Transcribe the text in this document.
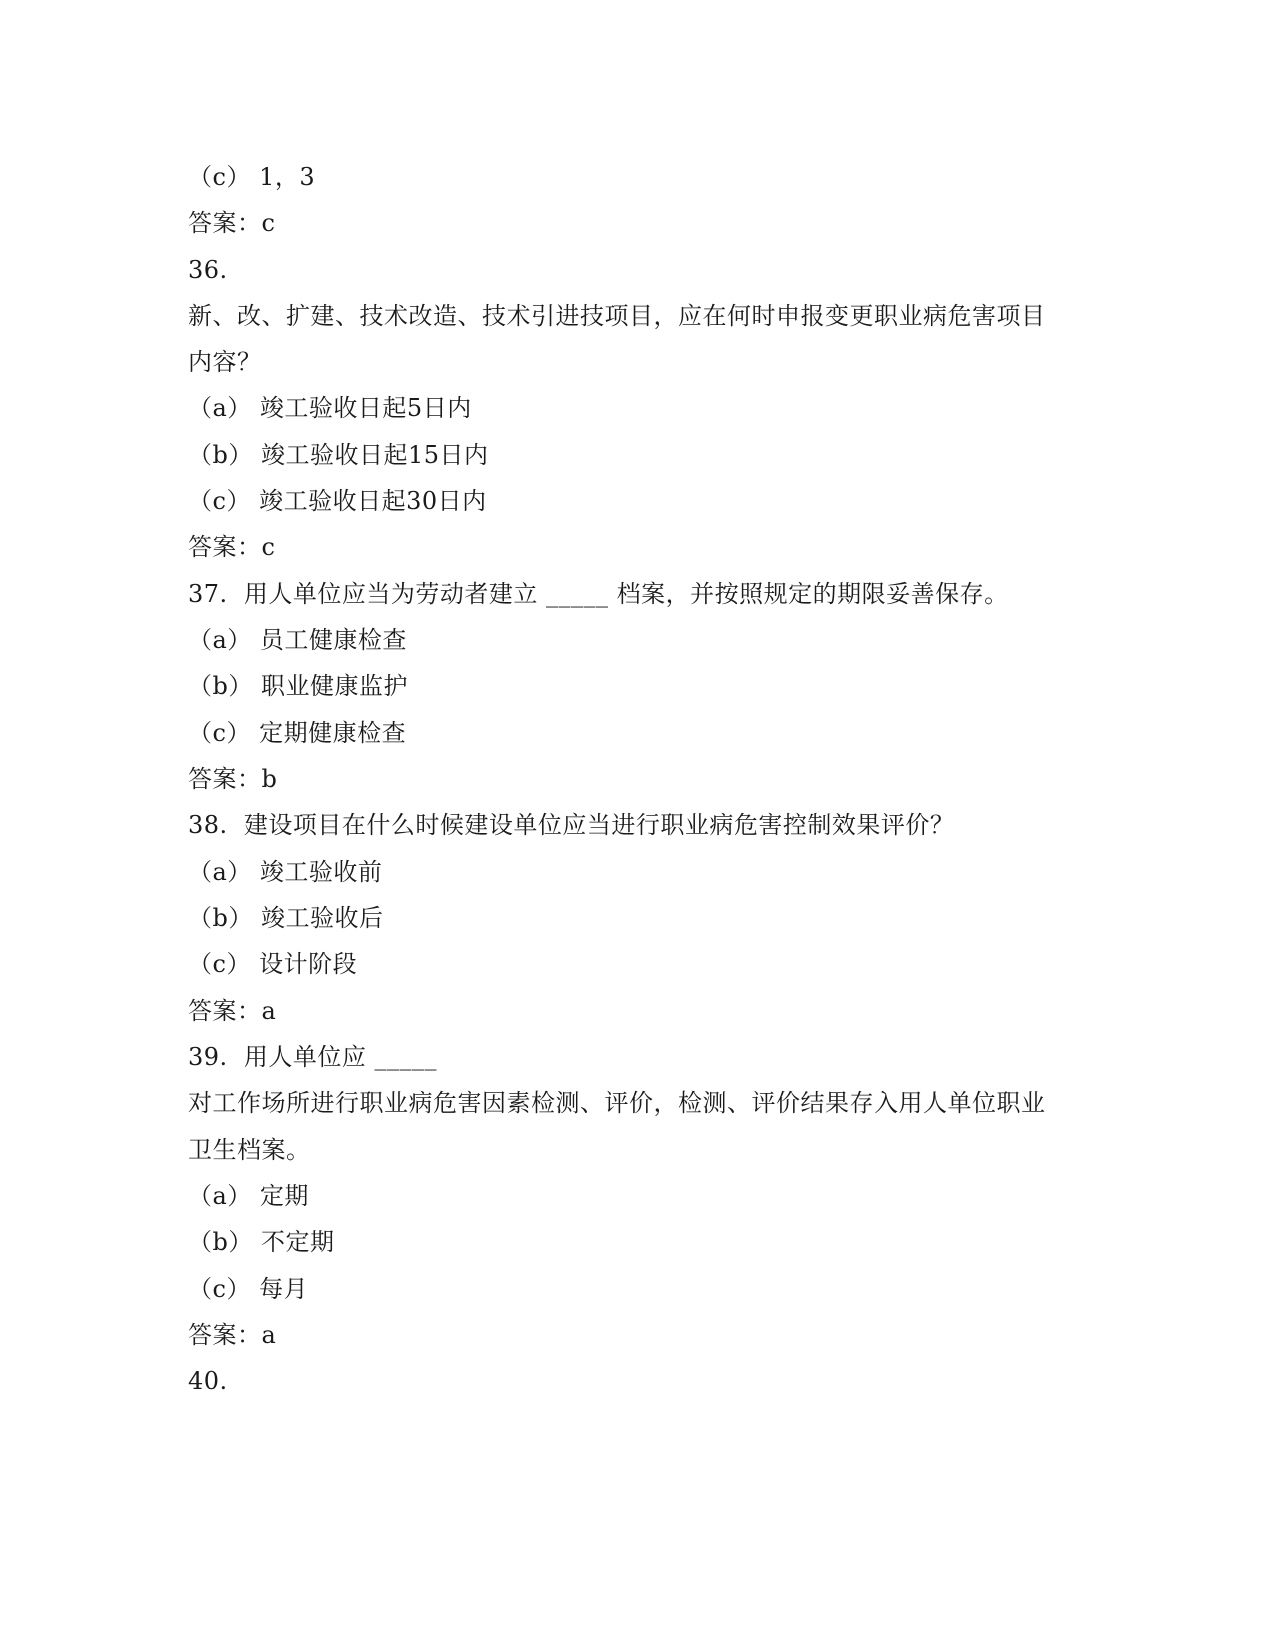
（c） 1，3
答案：c
36.
新、改、扩建、技术改造、技术引进技项目，应在何时申报变更职业病危害项目
内容？
（a） 竣工验收日起5日内
（b） 竣工验收日起15日内
（c） 竣工验收日起30日内
答案：c
37.  用人单位应当为劳动者建立 _____ 档案，并按照规定的期限妥善保存。
（a） 员工健康检查
（b） 职业健康监护
（c） 定期健康检查
答案：b
38.  建设项目在什么时候建设单位应当进行职业病危害控制效果评价？
（a） 竣工验收前
（b） 竣工验收后
（c） 设计阶段
答案：a
39.  用人单位应 _____
对工作场所进行职业病危害因素检测、评价，检测、评价结果存入用人单位职业
卫生档案。
（a） 定期
（b） 不定期
（c） 每月
答案：a
40.
